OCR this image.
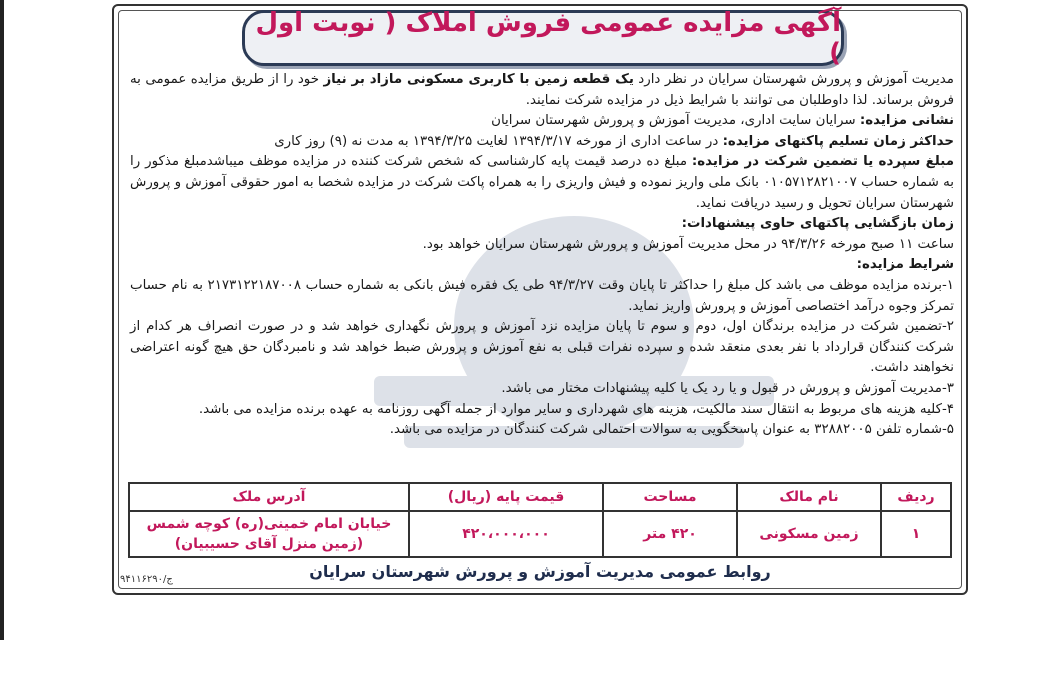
آگهی مزایده عمومی فروش املاک ( نوبت اول )

مدیریت آموزش و پرورش شهرستان سرایان در نظر دارد یک قطعه زمین با کاربری مسکونی مازاد بر نیاز خود را از طریق مزایده عمومی به فروش برساند. لذا داوطلبان می توانند با شرایط ذیل در مزایده شرکت نمایند.

نشانی مزایده: سرایان سایت اداری، مدیریت آموزش و پرورش شهرستان سرایان

حداکثر زمان تسلیم پاکتهای مزایده: در ساعت اداری از مورخه ۱۳۹۴/۳/۱۷ لغایت ۱۳۹۴/۳/۲۵ به مدت نه (۹) روز کاری

مبلغ سپرده یا تضمین شرکت در مزایده: مبلغ ده درصد قیمت پایه کارشناسی که شخص شرکت کننده در مزایده موظف میباشدمبلغ مذکور را به شماره حساب ۰۱۰۵۷۱۲۸۲۱۰۰۷ بانک ملی واریز نموده و فیش واریزی را به همراه پاکت شرکت در مزایده شخصا به امور حقوقی آموزش و پرورش شهرستان سرایان تحویل و رسید دریافت نماید.

زمان بازگشایی پاکتهای حاوی پیشنهادات:

ساعت ۱۱ صبح مورخه ۹۴/۳/۲۶ در محل مدیریت آموزش و پرورش شهرستان سرایان خواهد بود.

شرایط مزایده:

۱-برنده مزایده موظف می باشد کل مبلغ را حداکثر تا پایان وقت ۹۴/۳/۲۷ طی یک فقره فیش بانکی به شماره حساب ۲۱۷۳۱۲۲۱۸۷۰۰۸ به نام حساب تمرکز وجوه درآمد اختصاصی آموزش و پرورش واریز نماید.

۲-تضمین شرکت در مزایده برندگان اول، دوم و سوم تا پایان مزایده نزد آموزش و پرورش نگهداری خواهد شد و در صورت انصراف هر کدام از شرکت کنندگان قرارداد با نفر بعدی منعقد شده و سپرده نفرات قبلی به نفع آموزش و پرورش ضبط خواهد شد و نامبردگان حق هیچ گونه اعتراضی نخواهند داشت.

۳-مدیریت آموزش و پرورش در قبول و یا رد یک یا کلیه پیشنهادات مختار می باشد.

۴-کلیه هزینه های مربوط به انتقال سند مالکیت، هزینه های شهرداری و سایر موارد از جمله آگهی روزنامه به عهده برنده مزایده می باشد.

۵-شماره تلفن ۳۲۸۸۲۰۰۵ به عنوان پاسخگویی به سوالات احتمالی شرکت کنندگان در مزایده می باشد.

ردیف	نام مالک	مساحت	قیمت پایه (ریال)	آدرس ملک
۱	زمین مسکونی	۴۲۰ متر	۴۲۰،۰۰۰،۰۰۰	خیابان امام خمینی(ره) کوچه شمس
(زمین منزل آقای حسیبیان)
روابط عمومی مدیریت آموزش و پرورش شهرستان سرایان
ج/۹۴۱۱۶۲۹۰
